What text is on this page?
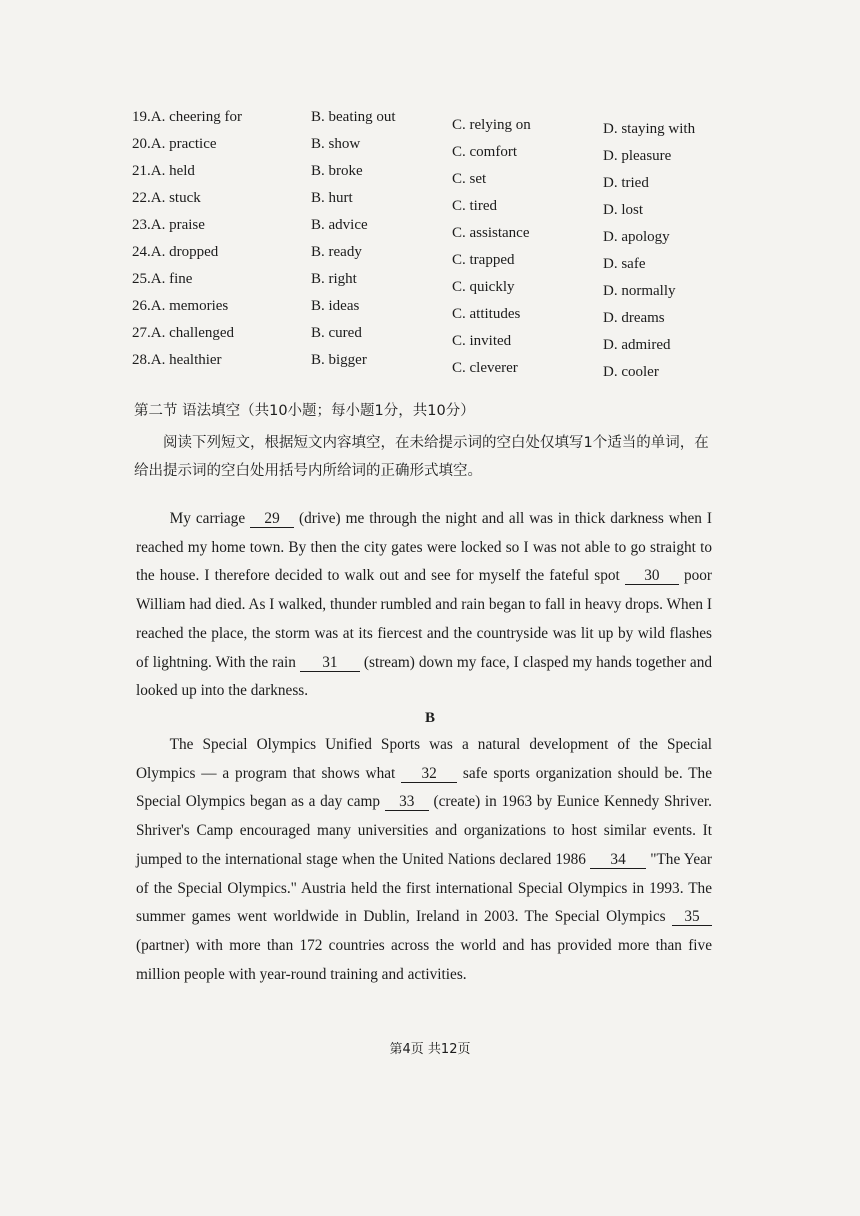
19.A. cheering for	B. beating out	C. relying on	D. staying with
20.A. practice	B. show	C. comfort	D. pleasure
21.A. held	B. broke	C. set	D. tried
22.A. stuck	B. hurt	C. tired	D. lost
23.A. praise	B. advice	C. assistance	D. apology
24.A. dropped	B. ready	C. trapped	D. safe
25.A. fine	B. right	C. quickly	D. normally
26.A. memories	B. ideas	C. attitudes	D. dreams
27.A. challenged	B. cured	C. invited	D. admired
28.A. healthier	B. bigger	C. cleverer	D. cooler
第二节 语法填空（共10小题；每小题1分，共10分）

阅读下列短文，根据短文内容填空，在未给提示词的空白处仅填写1个适当的单词，在给出提示词的空白处用括号内所给词的正确形式填空。

My carriage 29 (drive) me through the night and all was in thick darkness when I reached my home town. By then the city gates were locked so I was not able to go straight to the house. I therefore decided to walk out and see for myself the fateful spot 30 poor William had died. As I walked, thunder rumbled and rain began to fall in heavy drops. When I reached the place, the storm was at its fiercest and the countryside was lit up by wild flashes of lightning. With the rain 31 (stream) down my face, I clasped my hands together and looked up into the darkness.

B

The Special Olympics Unified Sports was a natural development of the Special Olympics — a program that shows what 32 safe sports organization should be. The Special Olympics began as a day camp 33 (create) in 1963 by Eunice Kennedy Shriver. Shriver's Camp encouraged many universities and organizations to host similar events. It jumped to the international stage when the United Nations declared 1986 34 "The Year of the Special Olympics." Austria held the first international Special Olympics in 1993. The summer games went worldwide in Dublin, Ireland in 2003. The Special Olympics 35 (partner) with more than 172 countries across the world and has provided more than five million people with year-round training and activities.

第4页 共12页
